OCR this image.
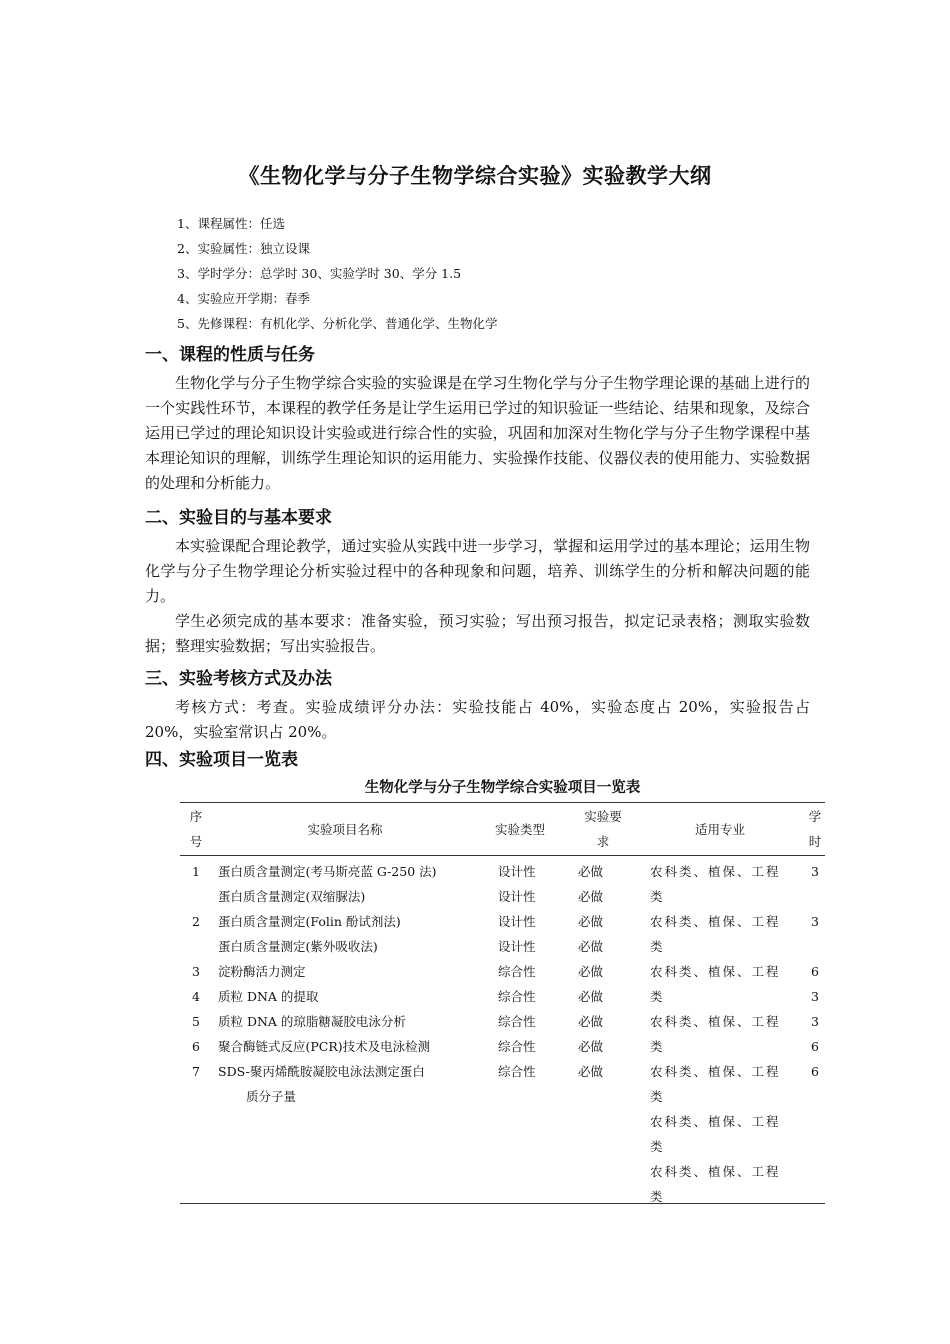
《生物化学与分子生物学综合实验》实验教学大纲
1、课程属性：任选
2、实验属性：独立设课
3、学时学分：总学时 30、实验学时 30、学分 1.5
4、实验应开学期：春季
5、先修课程：有机化学、分析化学、普通化学、生物化学
一、课程的性质与任务

生物化学与分子生物学综合实验的实验课是在学习生物化学与分子生物学理论课的基础上进行的一个实践性环节，本课程的教学任务是让学生运用已学过的知识验证一些结论、结果和现象，及综合运用已学过的理论知识设计实验或进行综合性的实验，巩固和加深对生物化学与分子生物学课程中基本理论知识的理解，训练学生理论知识的运用能力、实验操作技能、仪器仪表的使用能力、实验数据的处理和分析能力。

二、实验目的与基本要求

本实验课配合理论教学，通过实验从实践中进一步学习，掌握和运用学过的基本理论；运用生物化学与分子生物学理论分析实验过程中的各种现象和问题，培养、训练学生的分析和解决问题的能力。

学生必须完成的基本要求：准备实验，预习实验；写出预习报告，拟定记录表格；测取实验数据；整理实验数据；写出实验报告。

三、实验考核方式及办法

考核方式：考查。实验成绩评分办法：实验技能占 40%，实验态度占 20%，实验报告占 20%，实验室常识占 20%。

四、实验项目一览表
生物化学与分子生物学综合实验项目一览表
序
号
实验项目名称	实验类型
实验要
求
适用专业
学
时
1
2
3
4
5
6
7
蛋白质含量测定(考马斯亮蓝 G-250 法)
蛋白质含量测定(双缩脲法)
蛋白质含量测定(Folin 酚试剂法)
蛋白质含量测定(紫外吸收法)
淀粉酶活力测定
质粒 DNA 的提取
质粒 DNA 的琼脂糖凝胶电泳分析
聚合酶链式反应(PCR)技术及电泳检测
SDS-聚丙烯酰胺凝胶电泳法测定蛋白
质分子量
设计性
设计性
设计性
设计性
综合性
综合性
综合性
综合性
综合性
必做
必做
必做
必做
必做
必做
必做
必做
必做
农科类、植保、工程
类
农科类、植保、工程
类
农科类、植保、工程
类
农科类、植保、工程
类
农科类、植保、工程
类
农科类、植保、工程
类
农科类、植保、工程
类
3
3
6
3
3
6
6
